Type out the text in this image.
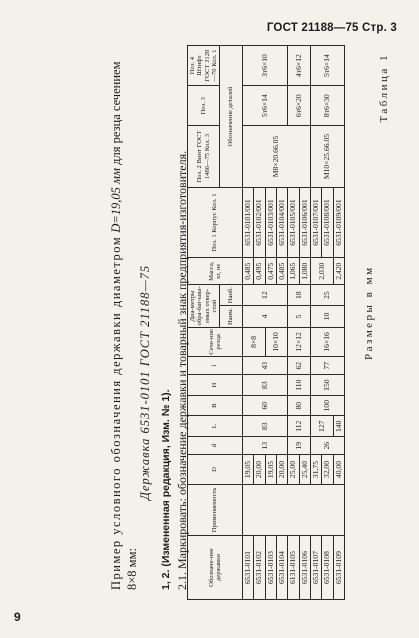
ГОСТ 21188—75 Стр. 3
Таблица 1
Размеры в мм
Обозначе-ние державки	Применяемость	D	d	L	B	H	l	Сече-ние резца	Диа-метры обра-бат-ыва-емых отвер-стий		Масса, кг, не	Поз. 1 Корпус Кол. 1	Поз. 2 Винт ГОСТ 1486—75 Кол. 3	Поз. 3	Поз. 4
Штифт ГОСТ 3128—70 Кол. 1
									Наим.	Наиб.			Обозначение деталей		
6531-0101		19,05	13	83	60	83	43	8×8	4	12	0,485	6531-0101/001	М8×20.66.05	5т6×14	3т6×10
6531-0102		20,00									0,495	6531-0102/001			
6531-0103		19,05						10×10			0,475	6531-0103/001			
6531-0104		20,00									0,485	6531-0104/001			
6131-0105		25,00	19	112	80	110	62	12×12	5	18	1,065	6531-0105/001		6т6×20	4т6×12
6531-0106		25,40									1,080	6531-0106/001			
6531-0107		31,75	26	127	100	150	77	16×16	10	25	2,030	6531-0107/001	М10×25.66.05	8т6×30	5т6×14
6531-0108		32,00										6531-0108/001			
6531-0109		40,00		140							2,420	6531-0109/001			
Пример условного обозначения державки диаметром D=19,05 мм для резца сечением 8×8 мм:
Державка 6531-0101 ГОСТ 21188—75 1, 2. (Измененная редакция, Изм. № 1). 2.1. Маркировать: обозначение державки и товарный знак предприятия-изготовителя.
9
